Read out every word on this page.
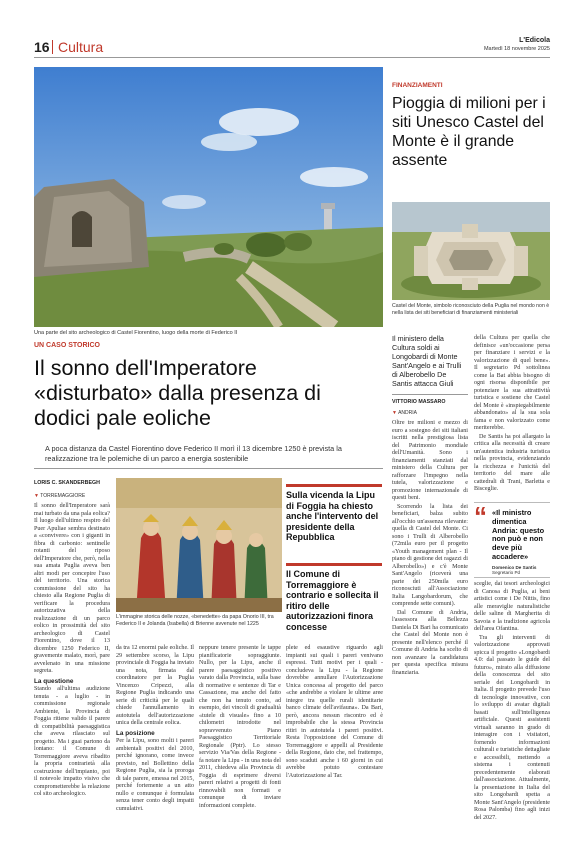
16 Cultura	L'Edicola
Martedì 18 novembre 2025
Una parte del sito archeologico di Castel Fiorentino, luogo della morte di Federico II
UN CASO STORICO
Il sonno dell'Imperatore «disturbato» dalla presenza di dodici pale eoliche
A poca distanza da Castel Fiorentino dove Federico II morì il 13 dicembre 1250 è prevista la realizzazione tra le polemiche di un parco a energia sostenibile
LORIS C. SKANDERBEGH
▼ TORREMAGGIORE

Il sonno dell'Imperatore sarà mai turbato da una pala eolica? Il luogo dell'ultimo respiro del Puer Apuliae sembra destinato a «convivere» con i giganti in fibra di carbonio: sentinelle rotanti del riposo dell'Imperatore che, però, nella sua amata Puglia aveva ben altri modi per concepire l'uso del territorio. Una storica commissione del sito ha chiesto alla Regione Puglia di verificare la procedura autorizzativa della realizzazione di un parco eolico in prossimità del sito archeologico di Castel Fiorentino, dove il 13 dicembre 1250 Federico II, gravemente malato, morì, pare avvelenato in una missione segreta.

La questione

Stando all'ultima audizione tenuta - a luglio - in commissione regionale Ambiente, la Provincia di Foggia ritiene valido il parere di compatibilità paesaggistica che aveva rilasciato sul progetto. Ma i guai partono da lontano: il Comune di Torremaggiore aveva ribadito la propria contrarietà alla costruzione dell'impianto, poi il notevole impatto visivo che comprometterebbe la relazione col sito archeologico.

L'immagine storica delle nozze, «benedette» da papa Onorio III, tra Federico II e Jolanda (Isabella) di Brienne avvenute nel 1225

da tra 12 enormi pale eoliche. Il 29 settembre scorso, la Lipu provinciale di Foggia ha inviato una nota, firmata dal coordinatore per la Puglia Vincenzo Cripezzi, alla Regione Puglia indicando una serie di criticità per le quali chiede l'annullamento in autotutela dell'autorizzazione unica della centrale eolica.

La posizione

Per la Lipu, sono molti i pareri ambientali positivi del 2010, perché ignorano, come invece previsto, nel Bollettino della Regione Puglia, sia la proroga di tale parere, emessa nel 2015, perché fortemente a un atto nullo e comunque è formulata senza tener conto degli impatti cumulativi.

neppure tenere presente le tappe pianificatorie sopraggiunte. Nullo, per la Lipu, anche il parere paesaggistico positivo varato dalla Provincia, sulla base di normative e sentenze di Tar e Cassazione, ma anche del fatto che non ha tenuto conto, ad esempio, dei vincoli di gradualità «tutele di visuale» fino a 10 chilometri introdotte nel sopravvenuto Piano Paesaggistico Territoriale Regionale (Pptr). Lo stesso servizio Via/Vas della Regione - fa notare la Lipu - in una nota del 2011, chiedeva alla Provincia di Foggia di esprimere diversi pareri relativi a progetti di fonti rinnovabili non formati e comunque di inviare informazioni complete.

Sulla vicenda la Lipu di Foggia ha chiesto anche l'intervento del presidente della Repubblica
Il Comune di Torremaggiore è contrario e sollecita il ritiro delle autorizzazioni finora concesse

plete ed esaustive riguardo agli impianti sui quali i pareri venivano espressi. Tutti motivi per i quali - concludeva la Lipu - la Regione dovrebbe annullare l'Autorizzazione Unica concessa al progetto del parco «che andrebbe a violare le ultime aree integre tra quelle rurali identitarie banco climate dell'avifauna». Da Bari, però, ancora nessun riscontro ed è improbabile che la stessa Provincia ritiri in autotutela i pareri positivi. Resta l'opposizione del Comune di Torremaggiore e appelli al Presidente della Regione, dato che, nel frattempo, sono scaduti anche i 60 giorni in cui avrebbe potuto contestare l'Autorizzazione al Tar.

FINANZIAMENTI
Pioggia di milioni per i siti Unesco Castel del Monte è il grande assente
Castel del Monte, simbolo riconosciuto della Puglia nel mondo non è nella lista dei siti beneficiari di finanziamenti ministeriali
Il ministero della Cultura soldi ai Longobardi di Monte Sant'Angelo e ai Trulli di Alberobello De Santis attacca Giuli
VITTORIO MASSARO
▼ ANDRIA

Oltre tre milioni e mezzo di euro a sostegno dei siti italiani iscritti nella prestigiosa lista del Patrimonio mondiale dell'Umanità. Sono i finanziamenti stanziati dal ministero della Cultura per rafforzare l'impegno nella tutela, valorizzazione e promozione internazionale di questi beni.

Scorrendo la lista dei beneficiari, balza subito all'occhio un'assenza rilevante: quella di Castel del Monte. Ci sono i Trulli di Alberobello (72mila euro per il progetto «Youth management plan - Il piano di gestione dei ragazzi di Alberobello») e c'è Monte Sant'Angelo (riceverà una parte dei 250mila euro riconosciuti all'Associazione Italia Langobardorum, che comprende sette comuni).

Dal Comune di Andria, l'assessora alla Bellezza Daniela Di Bari ha comunicato che Castel del Monte non è presente nell'elenco perché il Comune di Andria ha scelto di non avanzare la candidatura per questa specifica misura finanziaria.

della Cultura per quella che definisce «un'occasione persa per finanziare i servizi e la valorizzazione di quel bene». Il segretario Pd sottolinea come la Bat abbia bisogno di ogni risorsa disponibile per potenziare la sua attrattività turistica e sostiene che Castel del Monte è «inspiegabilmente abbandonato» al la sua sola fama e non valorizzato come meriterebbe.

De Santis ha poi allargato la critica alla necessità di creare un'autentica industria turistica nella provincia, evidenziando la ricchezza e l'unicità del territorio del mare alle cattedrali di Trani, Barletta e Bisceglie.

“ «Il ministro dimentica Andria: questo non può e non deve più accadere»
Domenico De Santis Segretario Pd

sceglie, dai tesori archeologici di Canosa di Puglia, ai beni artistici come i De Nittis, fino alle meraviglie naturalistiche delle saline di Margherita di Savoia e la tradizione agricola dell'area Ofantina.

Tra gli interventi di valorizzazione approvati spicca il progetto «Longobardi 4.0: dal passato le guide del futuro», mirato alla diffusione della conoscenza del sito seriale dei Longobardi in Italia. Il progetto prevede l'uso di tecnologie innovative, con lo sviluppo di avatar digitali basati sull'intelligenza artificiale. Questi assistenti virtuali saranno in grado di interagire con i visitatori, fornendo informazioni culturali e turistiche dettagliate e accessibili, mettendo a sistema i contenuti precedentemente elaborati dall'associazione. Attualmente, la presentazione in Italia del sito Longobardi spetta a Monte Sant'Angelo (presidente Rosa Palomba) fino agli inizi del 2027.
